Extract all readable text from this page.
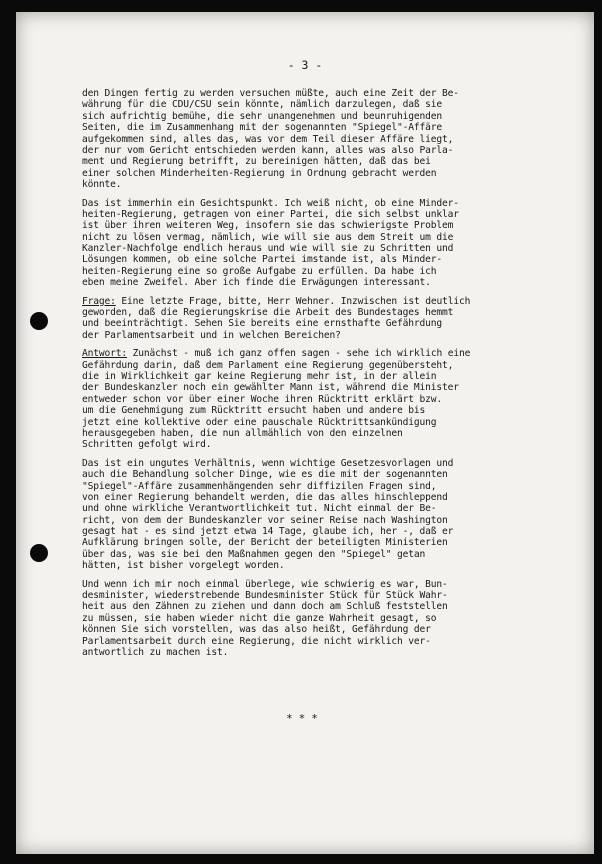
- 3 -
den Dingen fertig zu werden versuchen müßte, auch eine Zeit der Be-
währung für die CDU/CSU sein könnte, nämlich darzulegen, daß sie
sich aufrichtig bemühe, die sehr unangenehmen und beunruhigenden
Seiten, die im Zusammenhang mit der sogenannten "Spiegel"-Affäre
aufgekommen sind, alles das, was vor dem Teil dieser Affäre liegt,
der nur vom Gericht entschieden werden kann, alles was also Parla-
ment und Regierung betrifft, zu bereinigen hätten, daß das bei
einer solchen Minderheiten-Regierung in Ordnung gebracht werden
könnte.
Das ist immerhin ein Gesichtspunkt. Ich weiß nicht, ob eine Minder-
heiten-Regierung, getragen von einer Partei, die sich selbst unklar
ist über ihren weiteren Weg, insofern sie das schwierigste Problem
nicht zu lösen vermag, nämlich, wie will sie aus dem Streit um die
Kanzler-Nachfolge endlich heraus und wie will sie zu Schritten und
Lösungen kommen, ob eine solche Partei imstande ist, als Minder-
heiten-Regierung eine so große Aufgabe zu erfüllen. Da habe ich
eben meine Zweifel. Aber ich finde die Erwägungen interessant.
Frage: Eine letzte Frage, bitte, Herr Wehner. Inzwischen ist deutlich
geworden, daß die Regierungskrise die Arbeit des Bundestages hemmt
und beeinträchtigt. Sehen Sie bereits eine ernsthafte Gefährdung
der Parlamentsarbeit und in welchen Bereichen?
Antwort: Zunächst - muß ich ganz offen sagen - sehe ich wirklich eine
Gefährdung darin, daß dem Parlament eine Regierung gegenübersteht,
die in Wirklichkeit gar keine Regierung mehr ist, in der allein
der Bundeskanzler noch ein gewählter Mann ist, während die Minister
entweder schon vor über einer Woche ihren Rücktritt erklärt bzw.
um die Genehmigung zum Rücktritt ersucht haben und andere bis
jetzt eine kollektive oder eine pauschale Rücktrittsankündigung
herausgegeben haben, die nun allmählich von den einzelnen
Schritten gefolgt wird.
Das ist ein ungutes Verhältnis, wenn wichtige Gesetzesvorlagen und
auch die Behandlung solcher Dinge, wie es die mit der sogenannten
"Spiegel"-Affäre zusammenhängenden sehr diffizilen Fragen sind,
von einer Regierung behandelt werden, die das alles hinschleppend
und ohne wirkliche Verantwortlichkeit tut. Nicht einmal der Be-
richt, von dem der Bundeskanzler vor seiner Reise nach Washington
gesagt hat - es sind jetzt etwa 14 Tage, glaube ich, her -, daß er
Aufklärung bringen solle, der Bericht der beteiligten Ministerien
über das, was sie bei den Maßnahmen gegen den "Spiegel" getan
hätten, ist bisher vorgelegt worden.
Und wenn ich mir noch einmal überlege, wie schwierig es war, Bun-
desminister, wiederstrebende Bundesminister Stück für Stück Wahr-
heit aus den Zähnen zu ziehen und dann doch am Schluß feststellen
zu müssen, sie haben wieder nicht die ganze Wahrheit gesagt, so
können Sie sich vorstellen, was das also heißt, Gefährdung der
Parlamentsarbeit durch eine Regierung, die nicht wirklich ver-
antwortlich zu machen ist.
***
